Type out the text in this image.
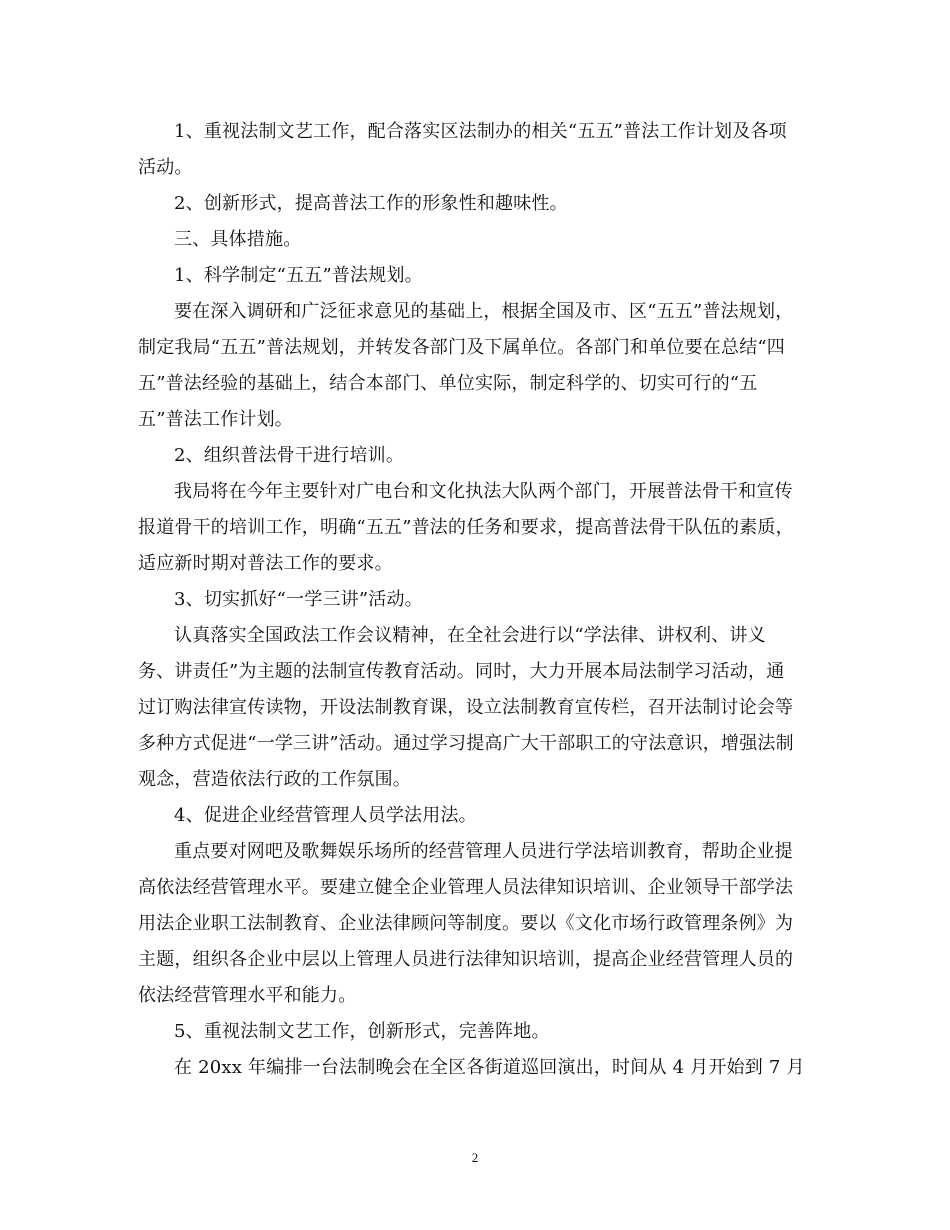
1、重视法制文艺工作，配合落实区法制办的相关“五五”普法工作计划及各项
活动。
2、创新形式，提高普法工作的形象性和趣味性。
三、具体措施。
1、科学制定“五五”普法规划。
要在深入调研和广泛征求意见的基础上，根据全国及市、区“五五”普法规划，
制定我局“五五”普法规划，并转发各部门及下属单位。各部门和单位要在总结“四
五”普法经验的基础上，结合本部门、单位实际，制定科学的、切实可行的“五
五”普法工作计划。
2、组织普法骨干进行培训。
我局将在今年主要针对广电台和文化执法大队两个部门，开展普法骨干和宣传
报道骨干的培训工作，明确“五五”普法的任务和要求，提高普法骨干队伍的素质，
适应新时期对普法工作的要求。
3、切实抓好“一学三讲”活动。
认真落实全国政法工作会议精神，在全社会进行以“学法律、讲权利、讲义
务、讲责任”为主题的法制宣传教育活动。同时，大力开展本局法制学习活动，通
过订购法律宣传读物，开设法制教育课，设立法制教育宣传栏，召开法制讨论会等
多种方式促进“一学三讲”活动。通过学习提高广大干部职工的守法意识，增强法制
观念，营造依法行政的工作氛围。
4、促进企业经营管理人员学法用法。
重点要对网吧及歌舞娱乐场所的经营管理人员进行学法培训教育，帮助企业提
高依法经营管理水平。要建立健全企业管理人员法律知识培训、企业领导干部学法
用法企业职工法制教育、企业法律顾问等制度。要以《文化市场行政管理条例》为
主题，组织各企业中层以上管理人员进行法律知识培训，提高企业经营管理人员的
依法经营管理水平和能力。
5、重视法制文艺工作，创新形式，完善阵地。
在 20xx 年编排一台法制晚会在全区各街道巡回演出，时间从 4 月开始到 7 月
2
